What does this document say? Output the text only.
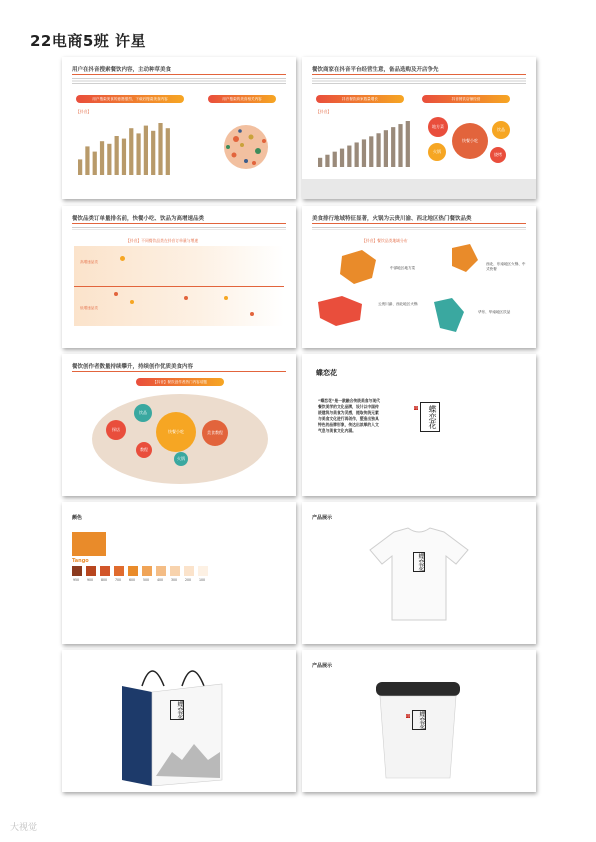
22电商5班 许星
用户在抖音搜索餐饮内容，主动种草美食
用户搜索美食的意愿强烈，下载后搜索美食内容	用户搜索的美食相关内容
【抖音】
餐饮商家在抖音平台经营生意，备品选购及开店争先
抖音餐饮商家数量增长	抖音餐饮店铺经营
【抖音】
地方菜
快餐小吃
火锅
饮品
烧烤
餐饮品类订单量排名前，快餐小吃、饮品为高增速品类
【抖音】不同餐饮品类在抖音订单量与增速
高增速品类
低增速品类
美食排行地域特征显著，火锅为云贵川渝、西北地区热门餐饮品类
【抖音】餐饮品类地域分布
中部地区地方菜
西北、东南地区火锅、中式快餐
云贵川渝、西北地区火锅
华东、华南地区饮品
餐饮创作者数量持续攀升，持续创作优质美食内容
【抖音】餐饮创作者热门内容话题
探店
饮品
快餐小吃
教程
美食教程
火锅
蝶恋花
“蝶恋花”是一款融合传统美食与现代餐饮美学的文化品牌，设计以中国传统建筑与美食为灵感，提取传统元素与美食文化进行再创作，塑造出独具特色的品牌形象，传达出浓厚的人文气息与美食文化内涵。
蝶恋花
印
颜色
Tango
950 900 800 700 600 500 400 300 200 100
产品展示
蝶恋花
蝶恋花
产品展示
蝶恋花
印
大视觉
